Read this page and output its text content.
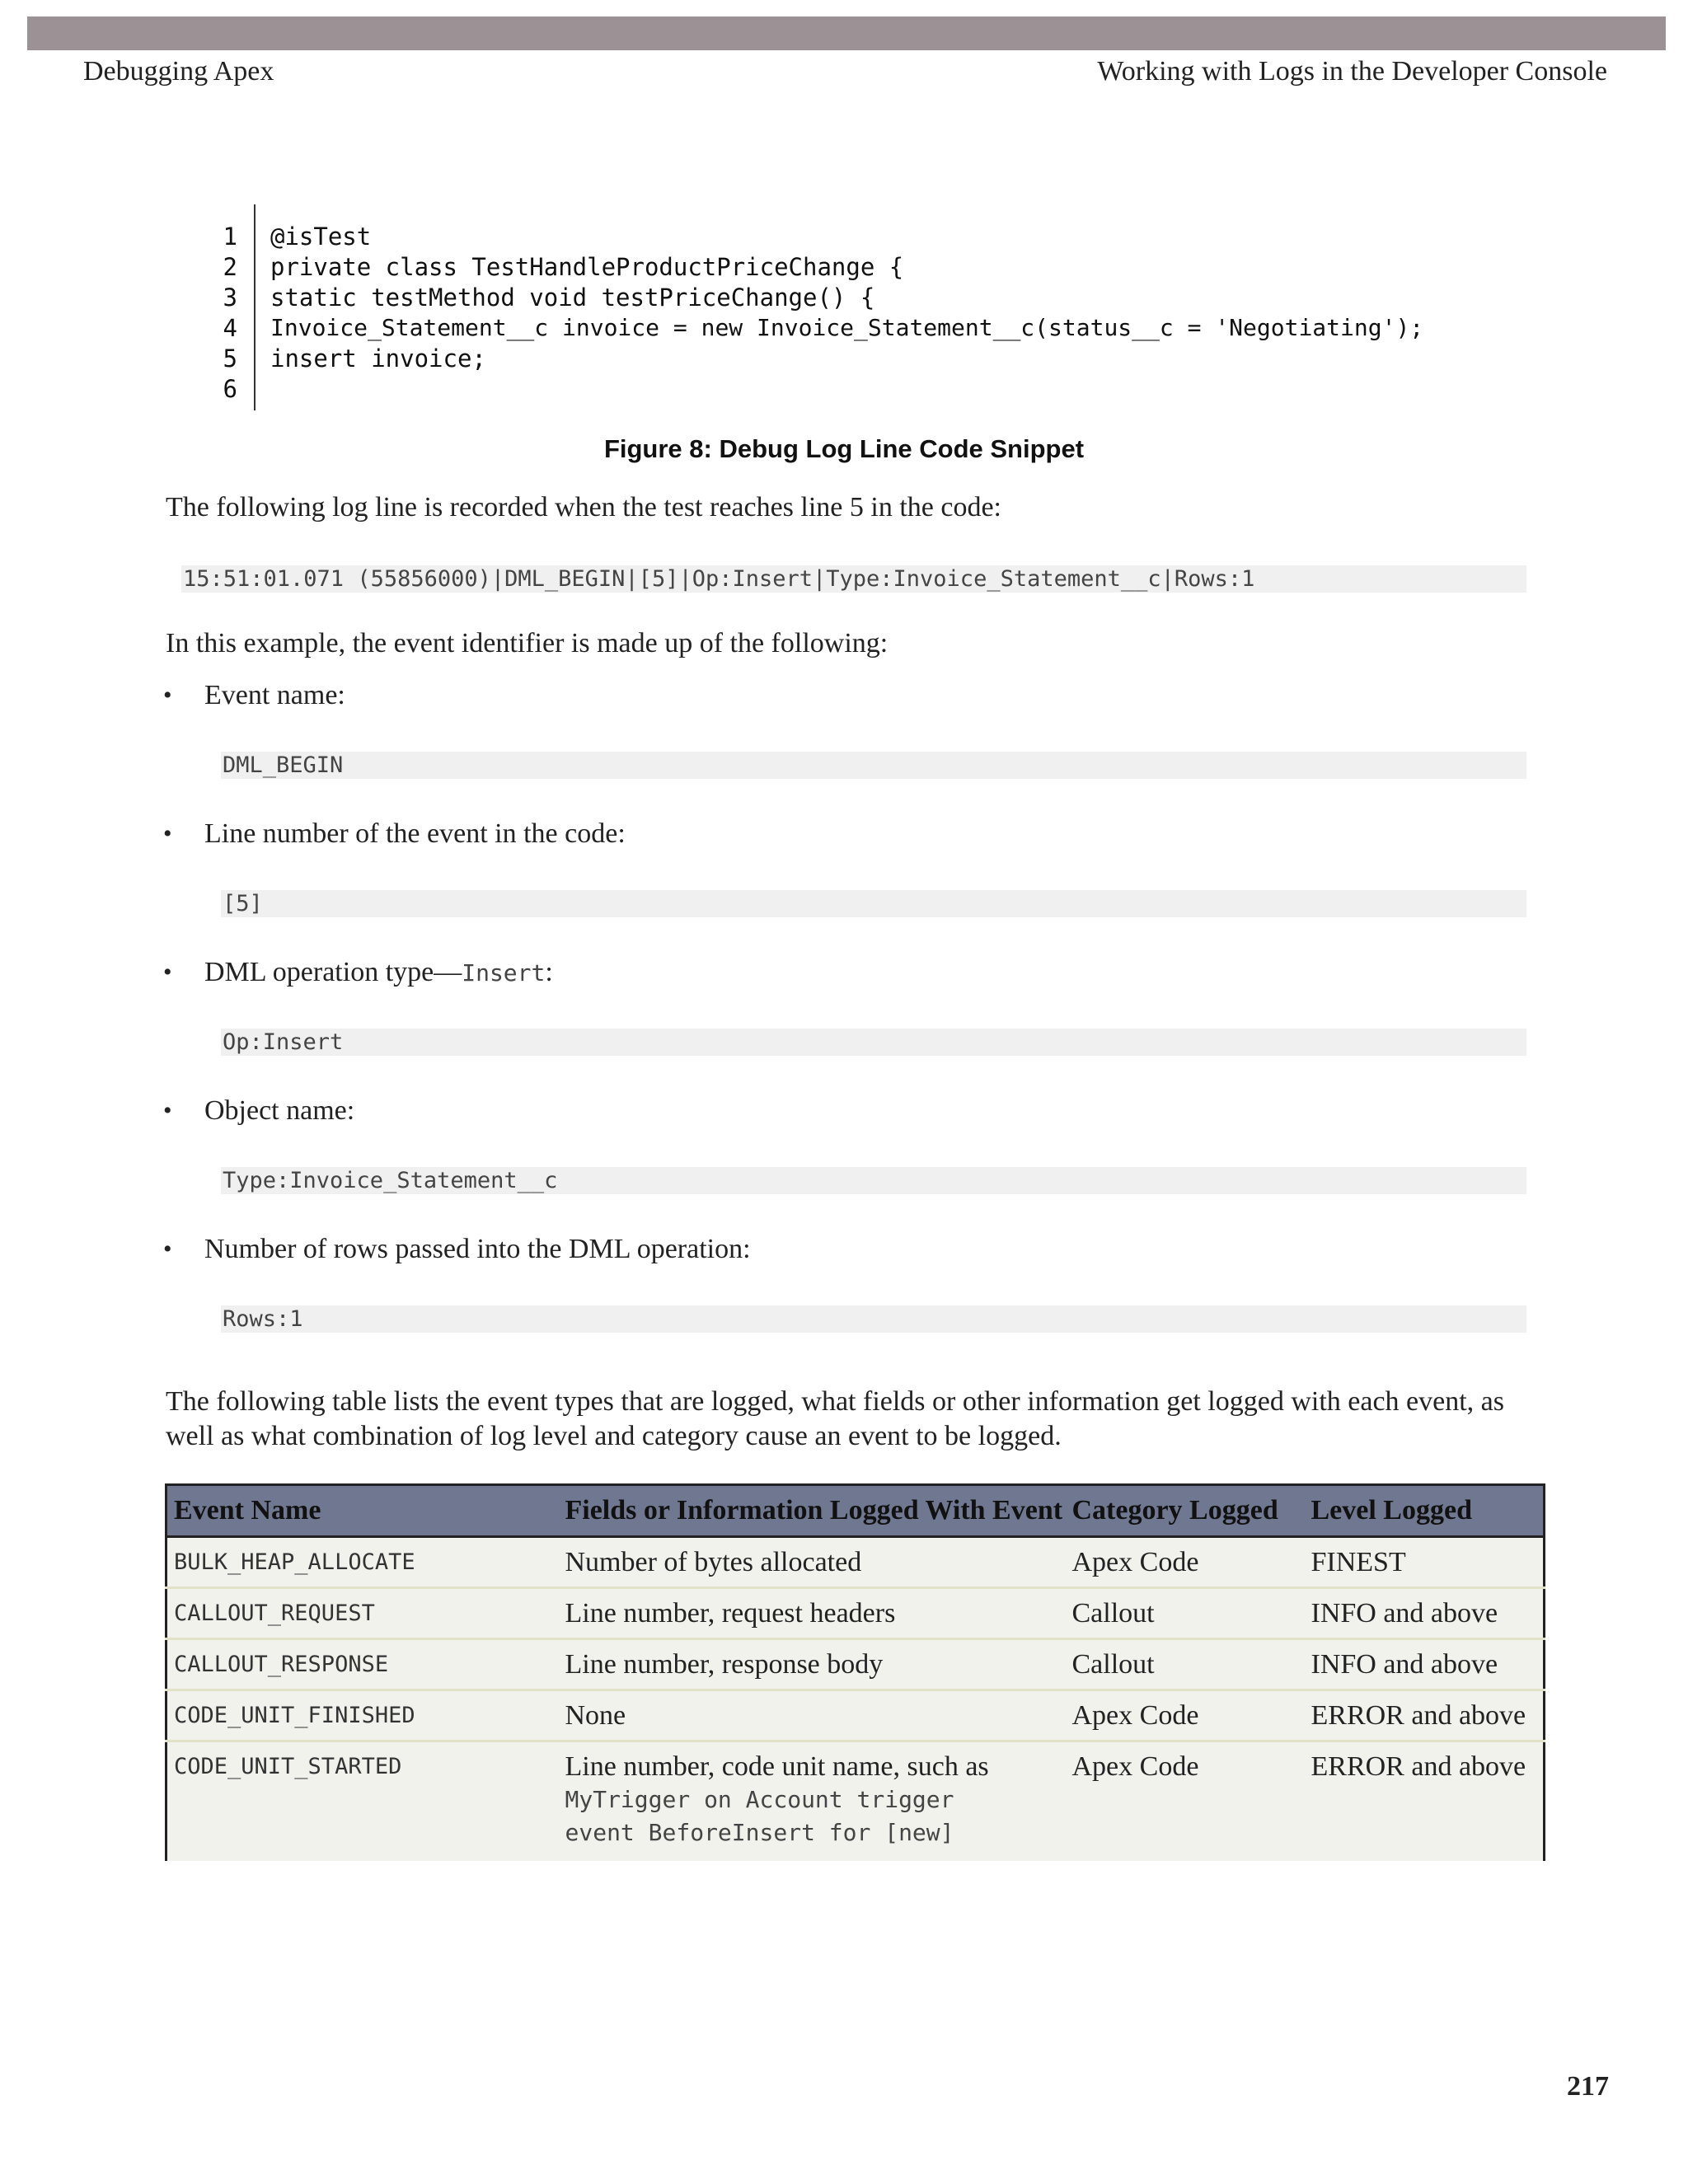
Debugging Apex	Working with Logs in the Developer Console
1 @isTest
2 private class TestHandleProductPriceChange {
3 static testMethod void testPriceChange() {
4 Invoice_Statement__c invoice = new Invoice_Statement__c(status__c = 'Negotiating');
5 insert invoice;
6
Figure 8: Debug Log Line Code Snippet
The following log line is recorded when the test reaches line 5 in the code:
15:51:01.071 (55856000)|DML_BEGIN|[5]|Op:Insert|Type:Invoice_Statement__c|Rows:1
In this example, the event identifier is made up of the following:
• Event name:
DML_BEGIN
• Line number of the event in the code:
[5]
• DML operation type—Insert:
Op:Insert
• Object name:
Type:Invoice_Statement__c
• Number of rows passed into the DML operation:
Rows:1
The following table lists the event types that are logged, what fields or other information get logged with each event, as well as what combination of log level and category cause an event to be logged.
Event Name	Fields or Information Logged With Event	Category Logged	Level Logged
BULK_HEAP_ALLOCATE	Number of bytes allocated	Apex Code	FINEST
CALLOUT_REQUEST	Line number, request headers	Callout	INFO and above
CALLOUT_RESPONSE	Line number, response body	Callout	INFO and above
CODE_UNIT_FINISHED	None	Apex Code	ERROR and above
CODE_UNIT_STARTED	Line number, code unit name, such as
MyTrigger on Account trigger
event BeforeInsert for [new]	Apex Code	ERROR and above
217
